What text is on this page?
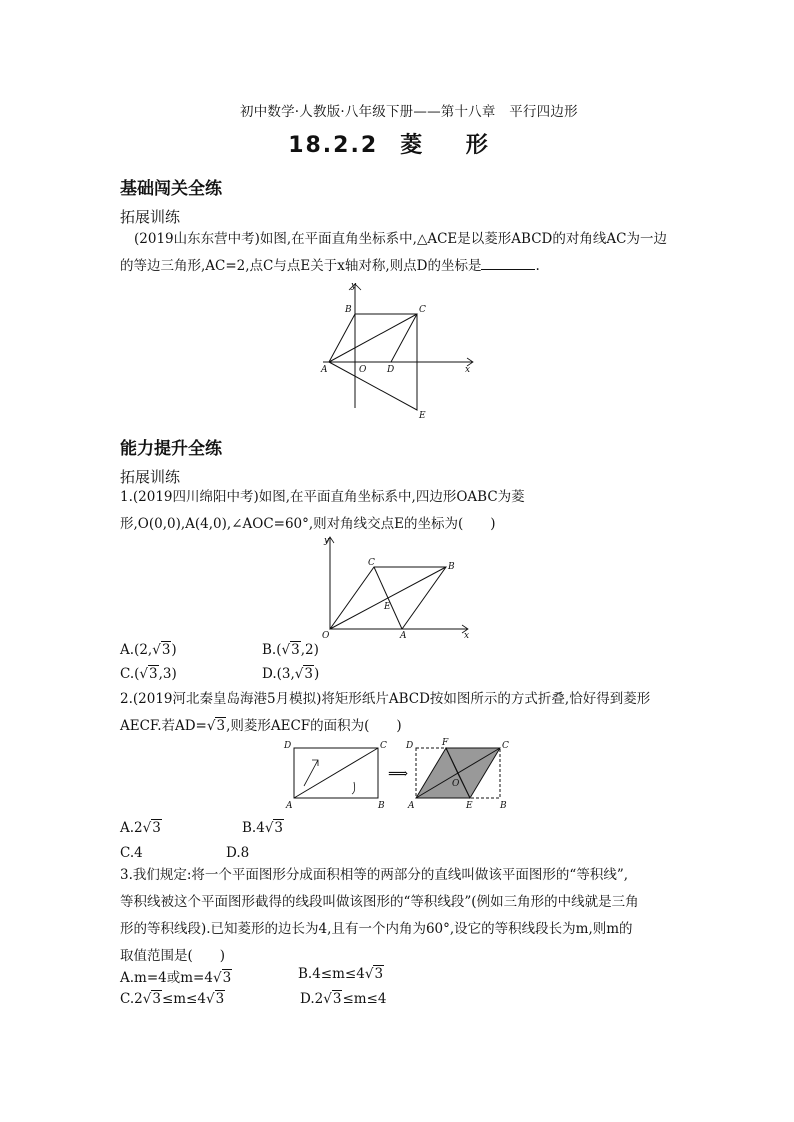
初中数学·人教版·八年级下册——第十八章　平行四边形
18.2.2 菱 形
基础闯关全练
拓展训练
(2019山东东营中考)如图,在平面直角坐标系中,△ACE是以菱形ABCD的对角线AC为一边
的等边三角形,AC=2,点C与点E关于x轴对称,则点D的坐标是	.
y
x
B	C
A	O D
E
能力提升全练
拓展训练
1.(2019四川绵阳中考)如图,在平面直角坐标系中,四边形OABC为菱
形,O(0,0),A(4,0),∠AOC=60°,则对角线交点E的坐标为(　　)
y
x
C	B
E
O	A
A.(2,√3)	B.(√3,2)
C.(√3,3)	D.(3,√3)
2.(2019河北秦皇岛海港5月模拟)将矩形纸片ABCD按如图所示的方式折叠,恰好得到菱形
AECF.若AD=√3,则菱形AECF的面积为(　　)
D	C
A	B
⟹
D	F	C
O
A	E	B
A.2√3	B.4√3
C.4	D.8
3.我们规定:将一个平面图形分成面积相等的两部分的直线叫做该平面图形的“等积线”,
等积线被这个平面图形截得的线段叫做该图形的“等积线段”(例如三角形的中线就是三角
形的等积线段).已知菱形的边长为4,且有一个内角为60°,设它的等积线段长为m,则m的
取值范围是(　　)
A.m=4或m=4√3	B.4≤m≤4√3
C.2√3≤m≤4√3	D.2√3≤m≤4
